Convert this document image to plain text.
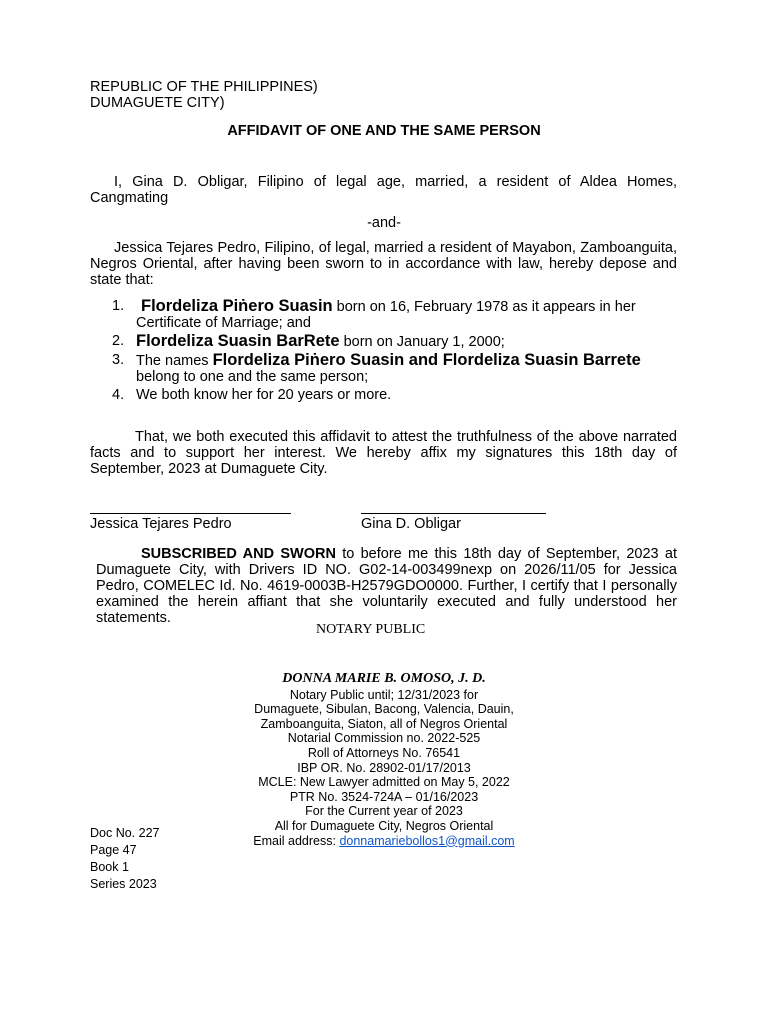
REPUBLIC OF THE PHILIPPINES)
DUMAGUETE CITY)
AFFIDAVIT OF ONE AND THE SAME PERSON

I, Gina D. Obligar, Filipino of legal age, married, a resident of Aldea Homes, Cangmating

-and-

Jessica Tejares Pedro, Filipino, of legal, married a resident of Mayabon, Zamboanguita, Negros Oriental, after having been sworn to in accordance with law, hereby depose and state that:

1. Flordeliza Piṅero Suasin born on 16, February 1978 as it appears in her Certificate of Marriage; and
2. Flordeliza Suasin BarRete born on January 1, 2000;
3. The names Flordeliza Piṅero Suasin and Flordeliza Suasin Barrete belong to one and the same person;
4. We both know her for 20 years or more.

That, we both executed this affidavit to attest the truthfulness of the above narrated facts and to support her interest. We hereby affix my signatures this 18th day of September, 2023 at Dumaguete City.

Jessica Tejares Pedro	Gina D. Obligar

SUBSCRIBED AND SWORN to before me this 18th day of September, 2023 at Dumaguete City, with Drivers ID NO. G02-14-003499nexp on 2026/11/05 for Jessica Pedro, COMELEC Id. No. 4619-0003B-H2579GDO0000. Further, I certify that I personally examined the herein affiant that she voluntarily executed and fully understood her statements.

NOTARY PUBLIC
DONNA MARIE B. OMOSO, J. D.
Notary Public until; 12/31/2023 for
Dumaguete, Sibulan, Bacong, Valencia, Dauin,
Zamboanguita, Siaton, all of Negros Oriental
Notarial Commission no. 2022-525
Roll of Attorneys No. 76541
IBP OR. No. 28902-01/17/2013
MCLE: New Lawyer admitted on May 5, 2022
PTR No. 3524-724A – 01/16/2023
For the Current year of 2023
All for Dumaguete City, Negros Oriental
Email address: donnamariebollos1@gmail.com
Doc No. 227
Page 47
Book 1
Series 2023
